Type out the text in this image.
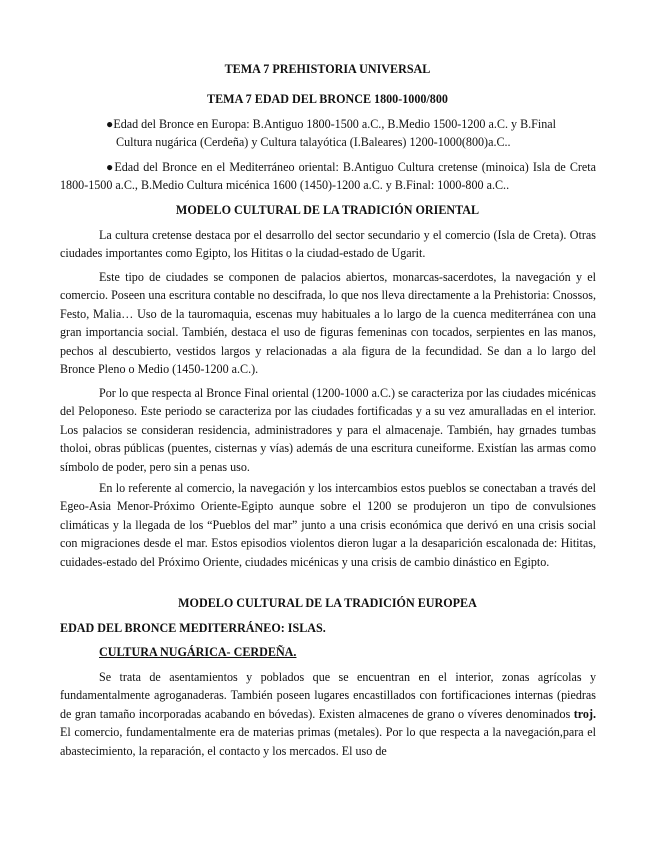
TEMA 7 PREHISTORIA UNIVERSAL
TEMA 7 EDAD DEL BRONCE 1800-1000/800
●Edad del Bronce en Europa: B.Antiguo 1800-1500 a.C., B.Medio 1500-1200 a.C. y B.Final
Cultura nugárica (Cerdeña) y Cultura talayótica (I.Baleares) 1200-1000(800)a.C..
●Edad del Bronce en el Mediterráneo oriental: B.Antiguo Cultura cretense (minoica) Isla de Creta 1800-1500 a.C., B.Medio Cultura micénica 1600 (1450)-1200 a.C. y B.Final: 1000-800 a.C..
MODELO CULTURAL DE LA TRADICIÓN ORIENTAL

La cultura cretense destaca por el desarrollo del sector secundario y el comercio (Isla de Creta). Otras ciudades importantes como Egipto, los Hititas o la ciudad-estado de Ugarit.

Este tipo de ciudades se componen de palacios abiertos, monarcas-sacerdotes, la navegación y el comercio. Poseen una escritura contable no descifrada, lo que nos lleva directamente a la Prehistoria: Cnossos, Festo, Malia… Uso de la tauromaquia, escenas muy habituales a lo largo de la cuenca mediterránea con una gran importancia social. También, destaca el uso de figuras femeninas con tocados, serpientes en las manos, pechos al descubierto, vestidos largos y relacionadas a ala figura de la fecundidad. Se dan a lo largo del Bronce Pleno o Medio (1450-1200 a.C.).

Por lo que respecta al Bronce Final oriental (1200-1000 a.C.) se caracteriza por las ciudades micénicas del Peloponeso. Este periodo se caracteriza por las ciudades fortificadas y a su vez amuralladas en el interior. Los palacios se consideran residencia, administradores y para el almacenaje. También, hay grnades tumbas tholoi, obras públicas (puentes, cisternas y vías) además de una escritura cuneiforme. Existían las armas como símbolo de poder, pero sin a penas uso.

En lo referente al comercio, la navegación y los intercambios estos pueblos se conectaban a través del Egeo-Asia Menor-Próximo Oriente-Egipto aunque sobre el 1200 se produjeron un tipo de convulsiones climáticas y la llegada de los “Pueblos del mar” junto a una crisis económica que derivó en una crisis social con migraciones desde el mar. Estos episodios violentos dieron lugar a la desaparición escalonada de: Hititas, cuidades-estado del Próximo Oriente, ciudades micénicas y una crisis de cambio dinástico en Egipto.

MODELO CULTURAL DE LA TRADICIÓN EUROPEA
EDAD DEL BRONCE MEDITERRÁNEO: ISLAS.
CULTURA NUGÁRICA- CERDEÑA.

Se trata de asentamientos y poblados que se encuentran en el interior, zonas agrícolas y fundamentalmente agroganaderas. También poseen lugares encastillados con fortificaciones internas (piedras de gran tamaño incorporadas acabando en bóvedas). Existen almacenes de grano o víveres denominados troj. El comercio, fundamentalmente era de materias primas (metales). Por lo que respecta a la navegación,para el abastecimiento, la reparación, el contacto y los mercados. El uso de
